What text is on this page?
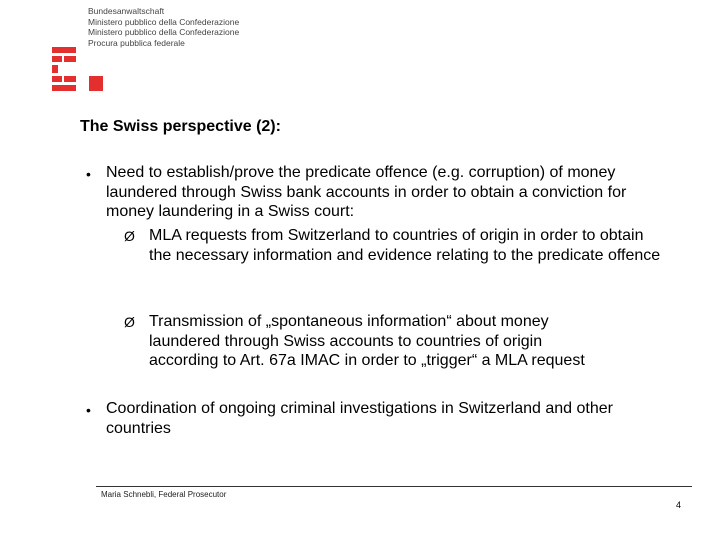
Bundesanwaltschaft
Ministero pubblico della Confederazione
Ministero pubblico della Confederazione
Procura pubblica federale
The Swiss perspective (2):
• Need to establish/prove the predicate offence (e.g. corruption) of money laundered through Swiss bank accounts in order to obtain a conviction for money laundering in a Swiss court:
Ø MLA requests from Switzerland to countries of origin in order to obtain the necessary information and evidence relating to the predicate offence
Ø Transmission of „spontaneous information“ about money laundered through Swiss accounts to countries of origin according to Art. 67a IMAC in order to „trigger“ a MLA request
• Coordination of ongoing criminal investigations in Switzerland and other countries
Maria Schnebli, Federal Prosecutor
4
